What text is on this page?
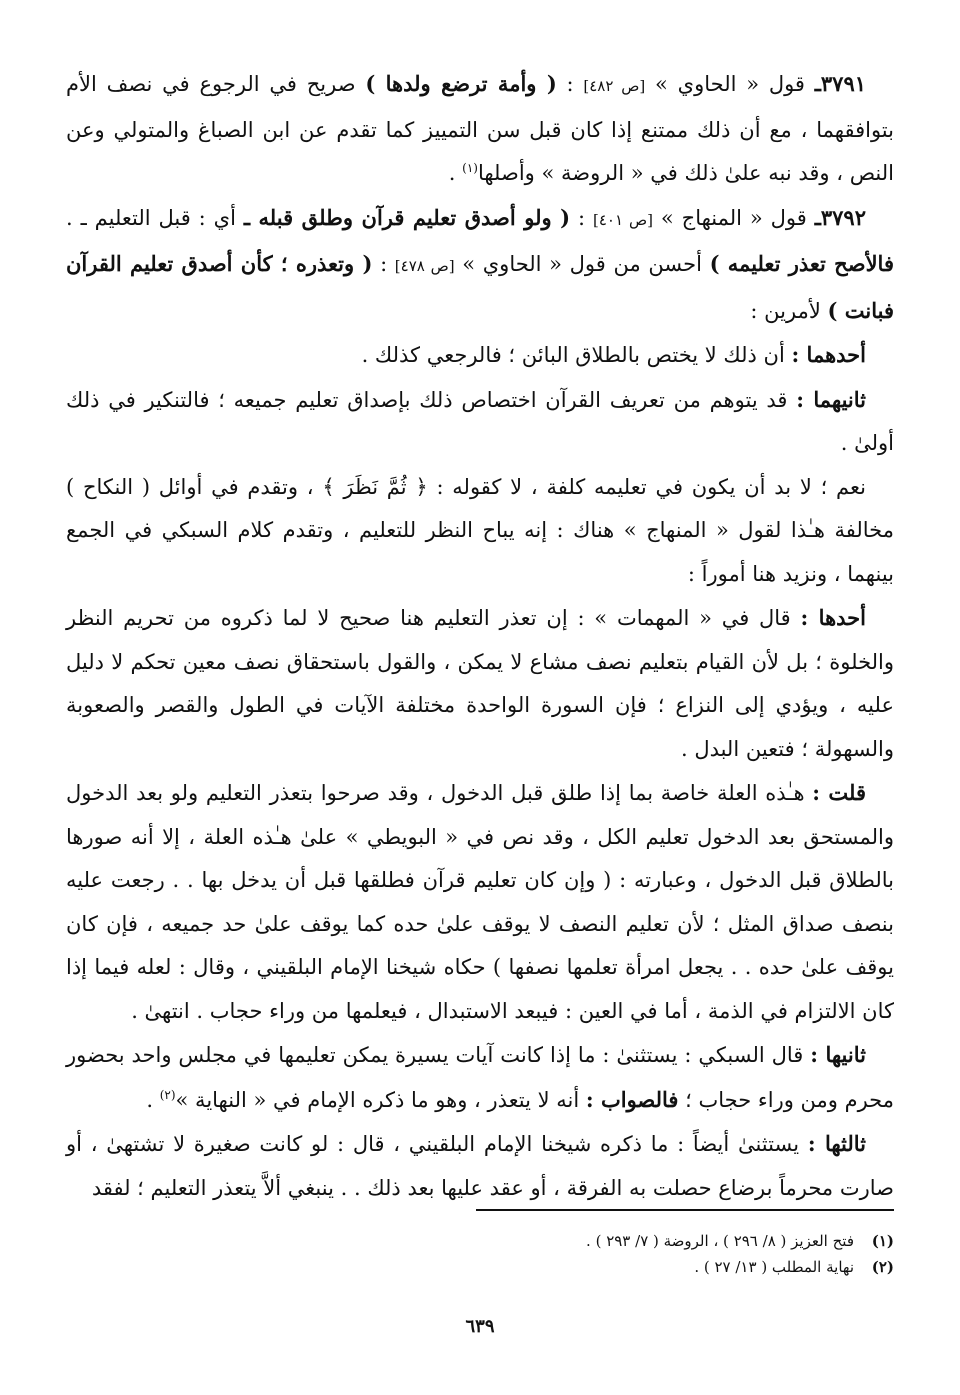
٣٧٩١ـ قول « الحاوي » [ص ٤٨٢] : ( وأمة ترضع ولدها ) صريح في الرجوع في نصف الأم بتوافقهما ، مع أن ذلك ممتنع إذا كان قبل سن التمييز كما تقدم عن ابن الصباغ والمتولي وعن النص ، وقد نبه علىٰ ذلك في « الروضة » وأصلها$^{(١)}$ .

٣٧٩٢ـ قول « المنهاج » [ص ٤٠١] : ( ولو أصدق تعليم قرآن وطلق قبله ـ أي : قبل التعليم ـ . فالأصح تعذر تعليمه ) أحسن من قول « الحاوي » [ص ٤٧٨] : ( وتعذره ؛ كأن أصدق تعليم القرآن فبانت ) لأمرين :

أحدهما : أن ذلك لا يختص بالطلاق البائن ؛ فالرجعي كذلك .

ثانيهما : قد يتوهم من تعريف القرآن اختصاص ذلك بإصداق تعليم جميعه ؛ فالتنكير في ذلك أولىٰ .

نعم ؛ لا بد أن يكون في تعليمه كلفة ، لا كقوله : ﴿ ثُمَّ نَظَرَ ﴾ ، وتقدم في أوائل ( النكاح ) مخالفة هـٰذا لقول « المنهاج » هناك : إنه يباح النظر للتعليم ، وتقدم كلام السبكي في الجمع بينهما ، ونزيد هنا أموراً :

أحدها : قال في « المهمات » : إن تعذر التعليم هنا صحيح لا لما ذكروه من تحريم النظر والخلوة ؛ بل لأن القيام بتعليم نصف مشاع لا يمكن ، والقول باستحقاق نصف معين تحكم لا دليل عليه ، ويؤدي إلى النزاع ؛ فإن السورة الواحدة مختلفة الآيات في الطول والقصر والصعوبة والسهولة ؛ فتعين البدل .

قلت : هـٰذه العلة خاصة بما إذا طلق قبل الدخول ، وقد صرحوا بتعذر التعليم ولو بعد الدخول والمستحق بعد الدخول تعليم الكل ، وقد نص في « البويطي » علىٰ هـٰذه العلة ، إلا أنه صورها بالطلاق قبل الدخول ، وعبارته : ( وإن كان تعليم قرآن فطلقها قبل أن يدخل بها . . رجعت عليه بنصف صداق المثل ؛ لأن تعليم النصف لا يوقف علىٰ حده كما يوقف علىٰ حد جميعه ، فإن كان يوقف علىٰ حده . . يجعل امرأة تعلمها نصفها ) حكاه شيخنا الإمام البلقيني ، وقال : لعله فيما إذا كان الالتزام في الذمة ، أما في العين : فيبعد الاستبدال ، فيعلمها من وراء حجاب . انتهىٰ .

ثانيها : قال السبكي : يستثنىٰ : ما إذا كانت آيات يسيرة يمكن تعليمها في مجلس واحد بحضور محرم ومن وراء حجاب ؛ فالصواب : أنه لا يتعذر ، وهو ما ذكره الإمام في « النهاية »$^{(٢)}$ .

ثالثها : يستثنىٰ أيضاً : ما ذكره شيخنا الإمام البلقيني ، قال : لو كانت صغيرة لا تشتهىٰ ، أو صارت محرماً برضاع حصلت به الفرقة ، أو عقد عليها بعد ذلك . . ينبغي ألاَّ يتعذر التعليم ؛ لفقد

(١)فتح العزيز ( ٨/ ٢٩٦ ) ، الروضة ( ٧/ ٢٩٣ ) .

(٢)نهاية المطلب ( ١٣/ ٢٧ ) .

٦٣٩
